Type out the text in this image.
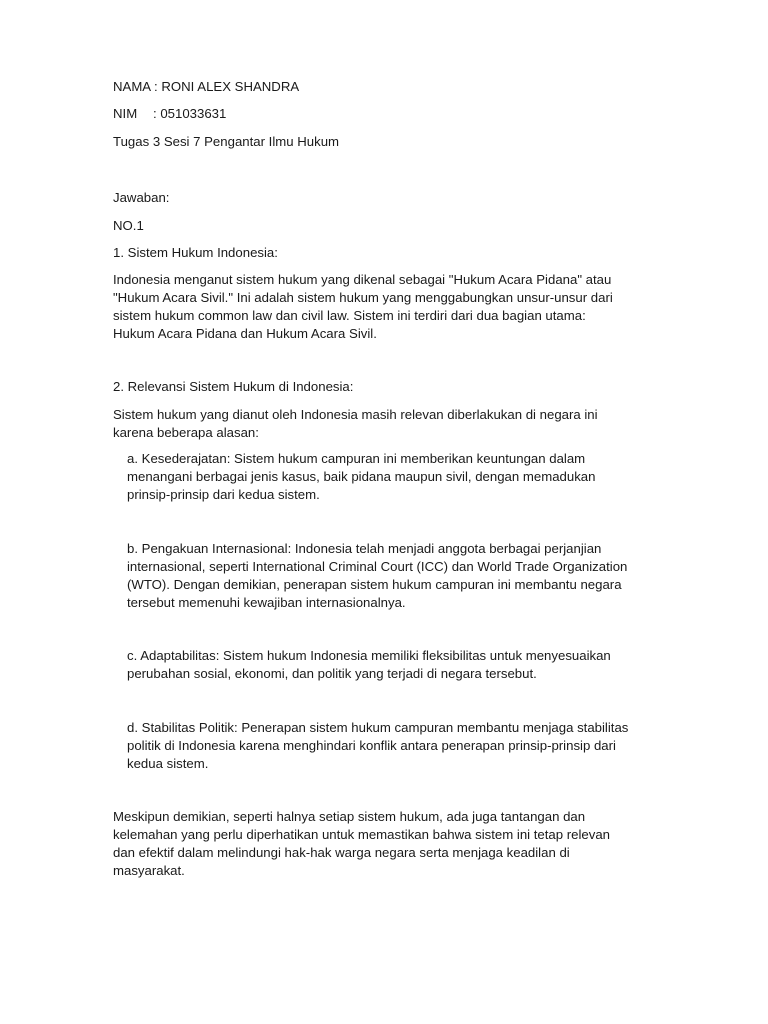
NAMA : RONI ALEX SHANDRA
NIM : 051033631
Tugas 3 Sesi 7 Pengantar Ilmu Hukum
Jawaban:
NO.1
1. Sistem Hukum Indonesia:
Indonesia menganut sistem hukum yang dikenal sebagai "Hukum Acara Pidana" atau
"Hukum Acara Sivil." Ini adalah sistem hukum yang menggabungkan unsur-unsur dari
sistem hukum common law dan civil law. Sistem ini terdiri dari dua bagian utama:
Hukum Acara Pidana dan Hukum Acara Sivil.
2. Relevansi Sistem Hukum di Indonesia:
Sistem hukum yang dianut oleh Indonesia masih relevan diberlakukan di negara ini
karena beberapa alasan:
a. Kesederajatan: Sistem hukum campuran ini memberikan keuntungan dalam
menangani berbagai jenis kasus, baik pidana maupun sivil, dengan memadukan
prinsip-prinsip dari kedua sistem.
b. Pengakuan Internasional: Indonesia telah menjadi anggota berbagai perjanjian
internasional, seperti International Criminal Court (ICC) dan World Trade Organization
(WTO). Dengan demikian, penerapan sistem hukum campuran ini membantu negara
tersebut memenuhi kewajiban internasionalnya.
c. Adaptabilitas: Sistem hukum Indonesia memiliki fleksibilitas untuk menyesuaikan
perubahan sosial, ekonomi, dan politik yang terjadi di negara tersebut.
d. Stabilitas Politik: Penerapan sistem hukum campuran membantu menjaga stabilitas
politik di Indonesia karena menghindari konflik antara penerapan prinsip-prinsip dari
kedua sistem.
Meskipun demikian, seperti halnya setiap sistem hukum, ada juga tantangan dan
kelemahan yang perlu diperhatikan untuk memastikan bahwa sistem ini tetap relevan
dan efektif dalam melindungi hak-hak warga negara serta menjaga keadilan di
masyarakat.
